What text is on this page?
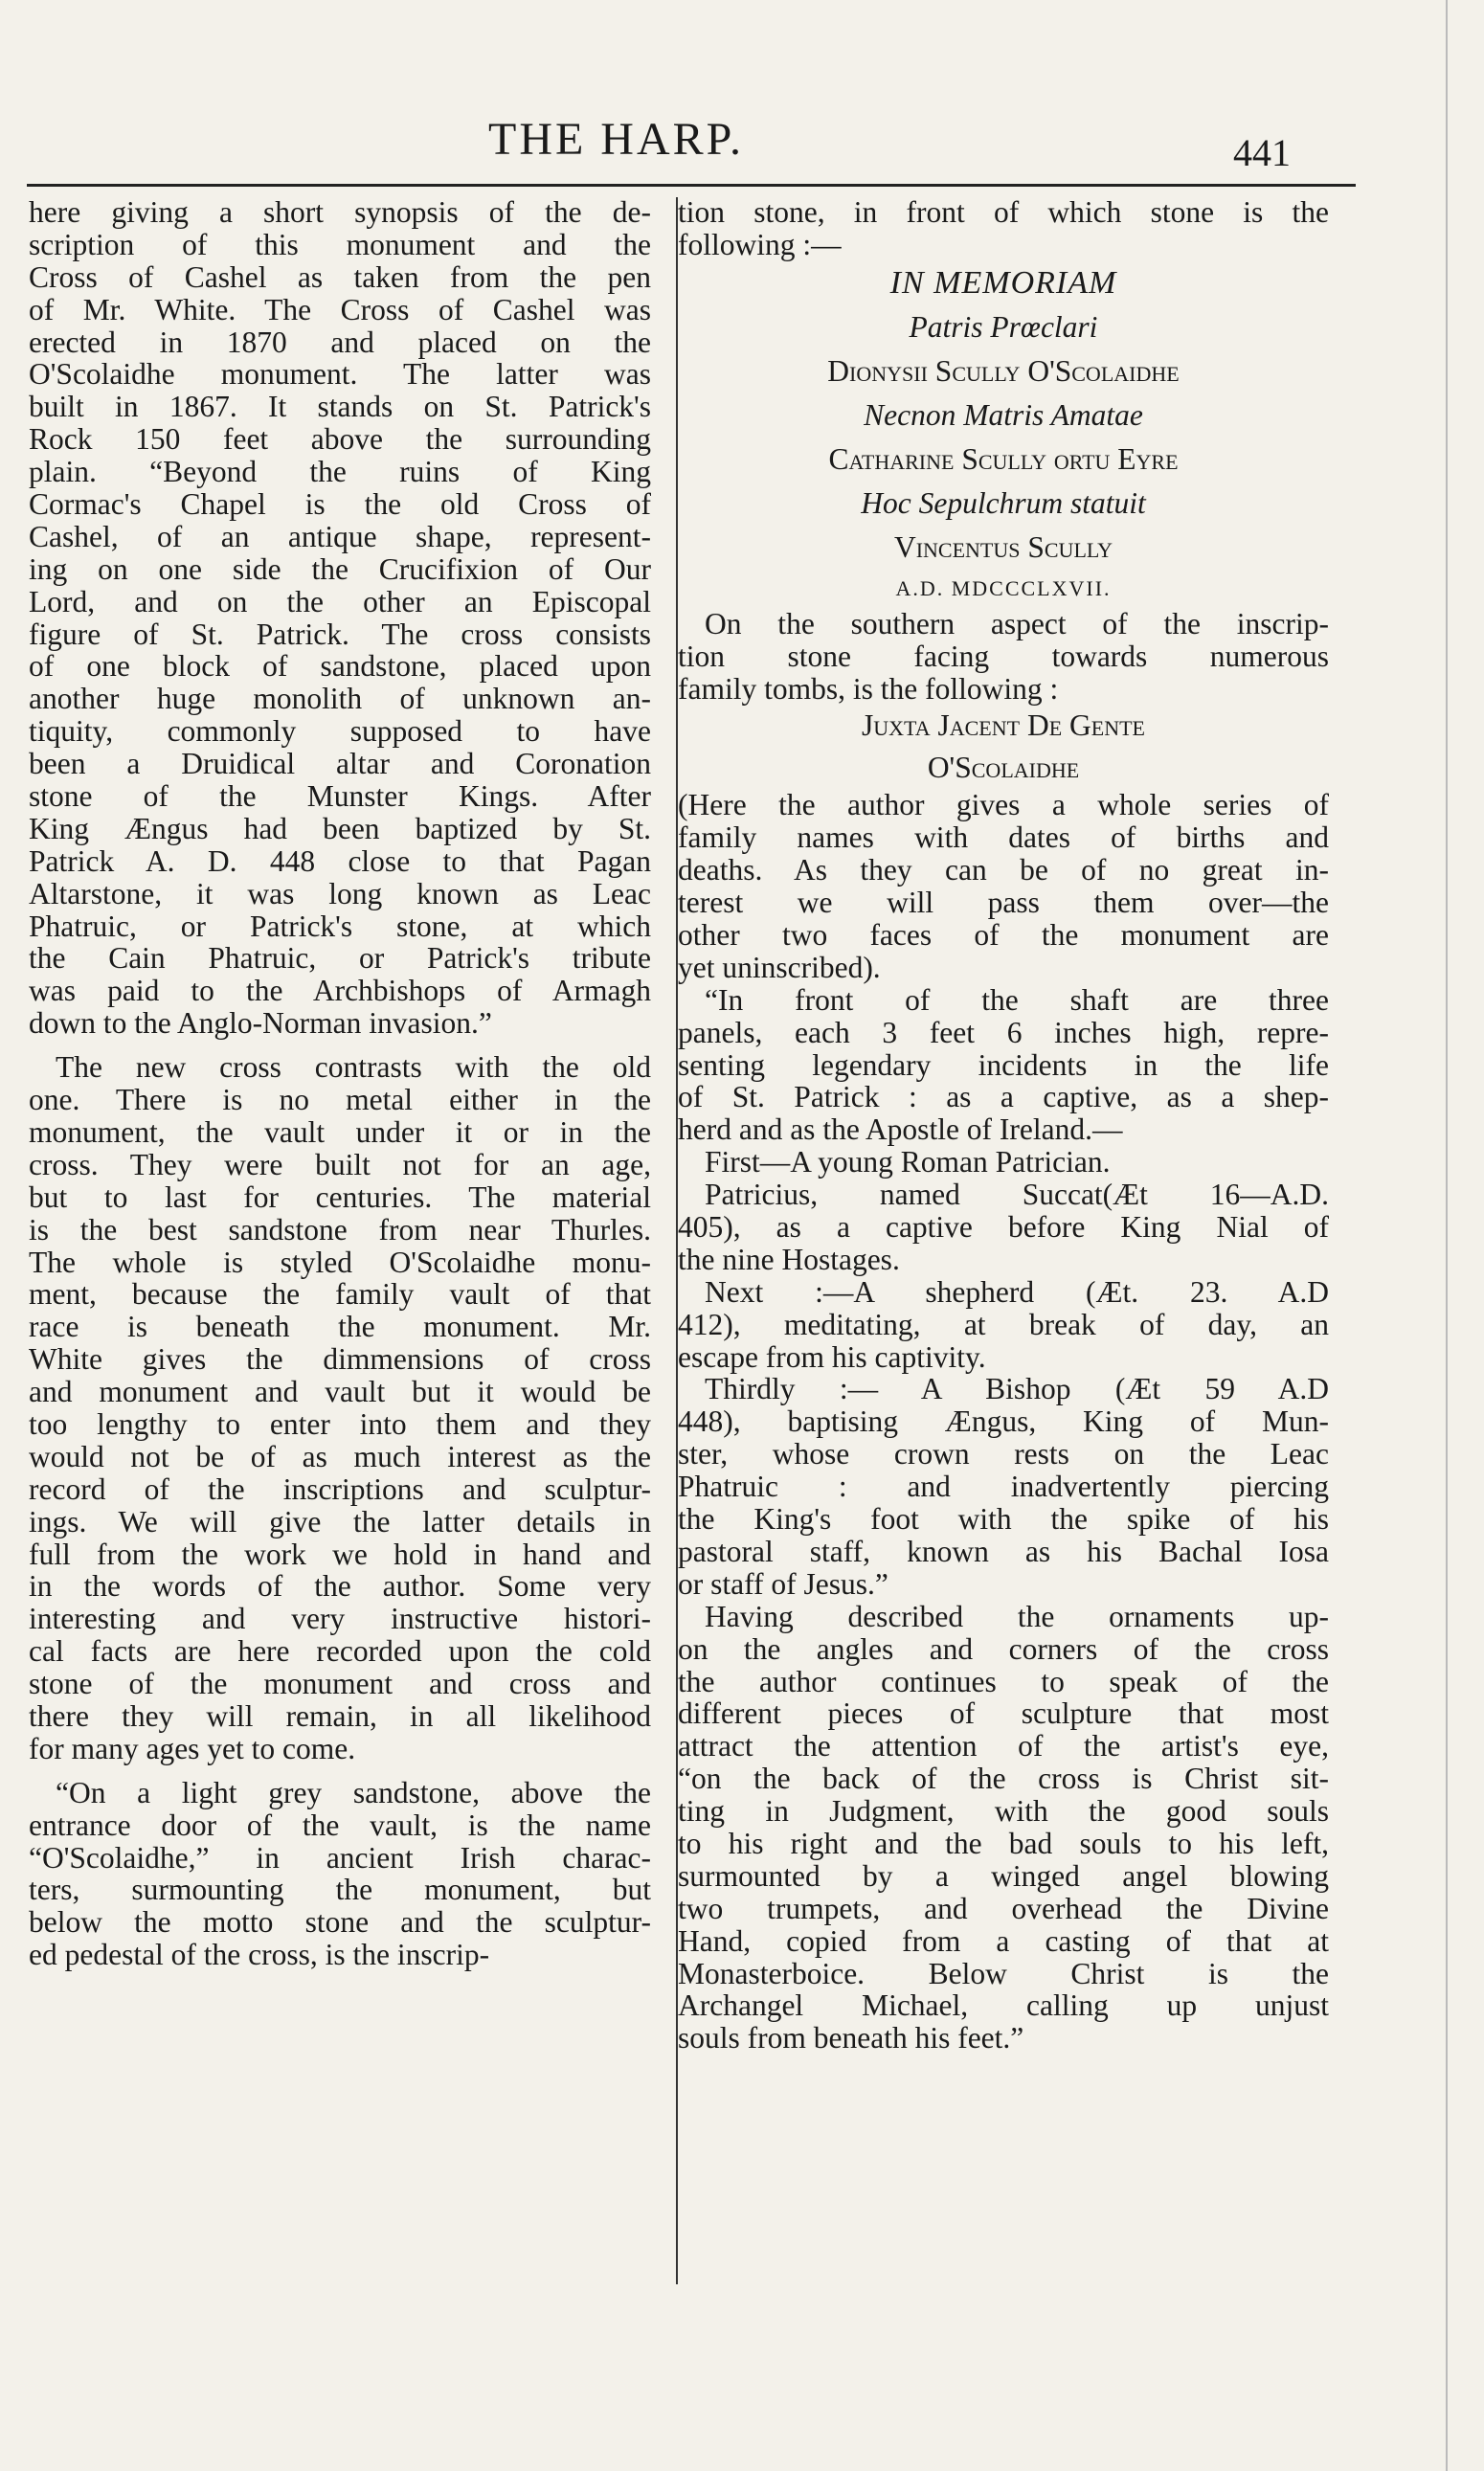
THE HARP.	441
here giving a short synopsis of the de-
scription of this monument and the
Cross of Cashel as taken from the pen
of Mr. White. The Cross of Cashel was
erected in 1870 and placed on the
O'Scolaidhe monument. The latter was
built in 1867. It stands on St. Patrick's
Rock 150 feet above the surrounding
plain. “Beyond the ruins of King
Cormac's Chapel is the old Cross of
Cashel, of an antique shape, represent-
ing on one side the Crucifixion of Our
Lord, and on the other an Episcopal
figure of St. Patrick. The cross consists
of one block of sandstone, placed upon
another huge monolith of unknown an-
tiquity, commonly supposed to have
been a Druidical altar and Coronation
stone of the Munster Kings. After
King Ængus had been baptized by St.
Patrick A. D. 448 close to that Pagan
Altarstone, it was long known as Leac
Phatruic, or Patrick's stone, at which
the Cain Phatruic, or Patrick's tribute
was paid to the Archbishops of Armagh
down to the Anglo-Norman invasion.”
The new cross contrasts with the old
one. There is no metal either in the
monument, the vault under it or in the
cross. They were built not for an age,
but to last for centuries. The material
is the best sandstone from near Thurles.
The whole is styled O'Scolaidhe monu-
ment, because the family vault of that
race is beneath the monument. Mr.
White gives the dimmensions of cross
and monument and vault but it would be
too lengthy to enter into them and they
would not be of as much interest as the
record of the inscriptions and sculptur-
ings. We will give the latter details in
full from the work we hold in hand and
in the words of the author. Some very
interesting and very instructive histori-
cal facts are here recorded upon the cold
stone of the monument and cross and
there they will remain, in all likelihood
for many ages yet to come.
“On a light grey sandstone, above the
entrance door of the vault, is the name
“O'Scolaidhe,” in ancient Irish charac-
ters, surmounting the monument, but
below the motto stone and the sculptur-
ed pedestal of the cross, is the inscrip-
tion stone, in front of which stone is the
following :—
IN MEMORIAM
Patris Prœclari
Dionysii Scully O'Scolaidhe
Necnon Matris Amatae
Catharine Scully ortu Eyre
Hoc Sepulchrum statuit
Vincentus Scully
A.D. MDCCCLXVII.
On the southern aspect of the inscrip-
tion stone facing towards numerous
family tombs, is the following :
Juxta Jacent De Gente
O'Scolaidhe
(Here the author gives a whole series of
family names with dates of births and
deaths. As they can be of no great in-
terest we will pass them over—the
other two faces of the monument are
yet uninscribed).
“In front of the shaft are three
panels, each 3 feet 6 inches high, repre-
senting legendary incidents in the life
of St. Patrick : as a captive, as a shep-
herd and as the Apostle of Ireland.—
First—A young Roman Patrician.
Patricius, named Succat(Æt 16—A.D.
405), as a captive before King Nial of
the nine Hostages.
Next :—A shepherd (Æt. 23. A.D
412), meditating, at break of day, an
escape from his captivity.
Thirdly :— A Bishop (Æt 59 A.D
448), baptising Ængus, King of Mun-
ster, whose crown rests on the Leac
Phatruic : and inadvertently piercing
the King's foot with the spike of his
pastoral staff, known as his Bachal Iosa
or staff of Jesus.”
Having described the ornaments up-
on the angles and corners of the cross
the author continues to speak of the
different pieces of sculpture that most
attract the attention of the artist's eye,
“on the back of the cross is Christ sit-
ting in Judgment, with the good souls
to his right and the bad souls to his left,
surmounted by a winged angel blowing
two trumpets, and overhead the Divine
Hand, copied from a casting of that at
Monasterboice. Below Christ is the
Archangel Michael, calling up unjust
souls from beneath his feet.”
